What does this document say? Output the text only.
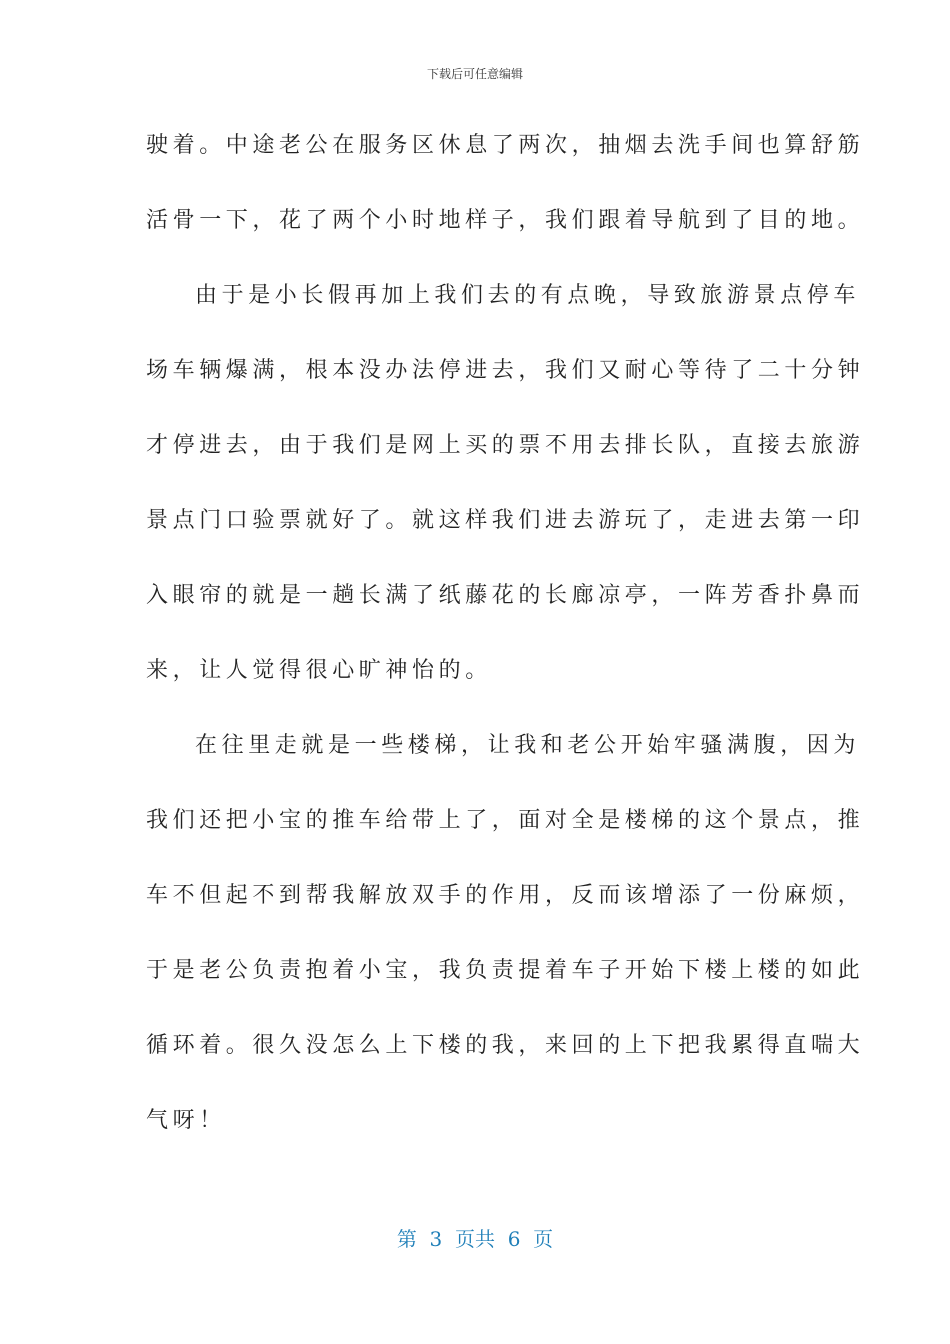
下载后可任意编辑
驶着。中途老公在服务区休息了两次，抽烟去洗手间也算舒筋
活骨一下，花了两个小时地样子，我们跟着导航到了目的地。
由于是小长假再加上我们去的有点晚，导致旅游景点停车
场车辆爆满，根本没办法停进去，我们又耐心等待了二十分钟
才停进去，由于我们是网上买的票不用去排长队，直接去旅游
景点门口验票就好了。就这样我们进去游玩了，走进去第一印
入眼帘的就是一趟长满了纸藤花的长廊凉亭，一阵芳香扑鼻而
来，让人觉得很心旷神怡的。
在往里走就是一些楼梯，让我和老公开始牢骚满腹，因为
我们还把小宝的推车给带上了，面对全是楼梯的这个景点，推
车不但起不到帮我解放双手的作用，反而该增添了一份麻烦，
于是老公负责抱着小宝，我负责提着车子开始下楼上楼的如此
循环着。很久没怎么上下楼的我，来回的上下把我累得直喘大
气呀！
第  3  页共  6  页
